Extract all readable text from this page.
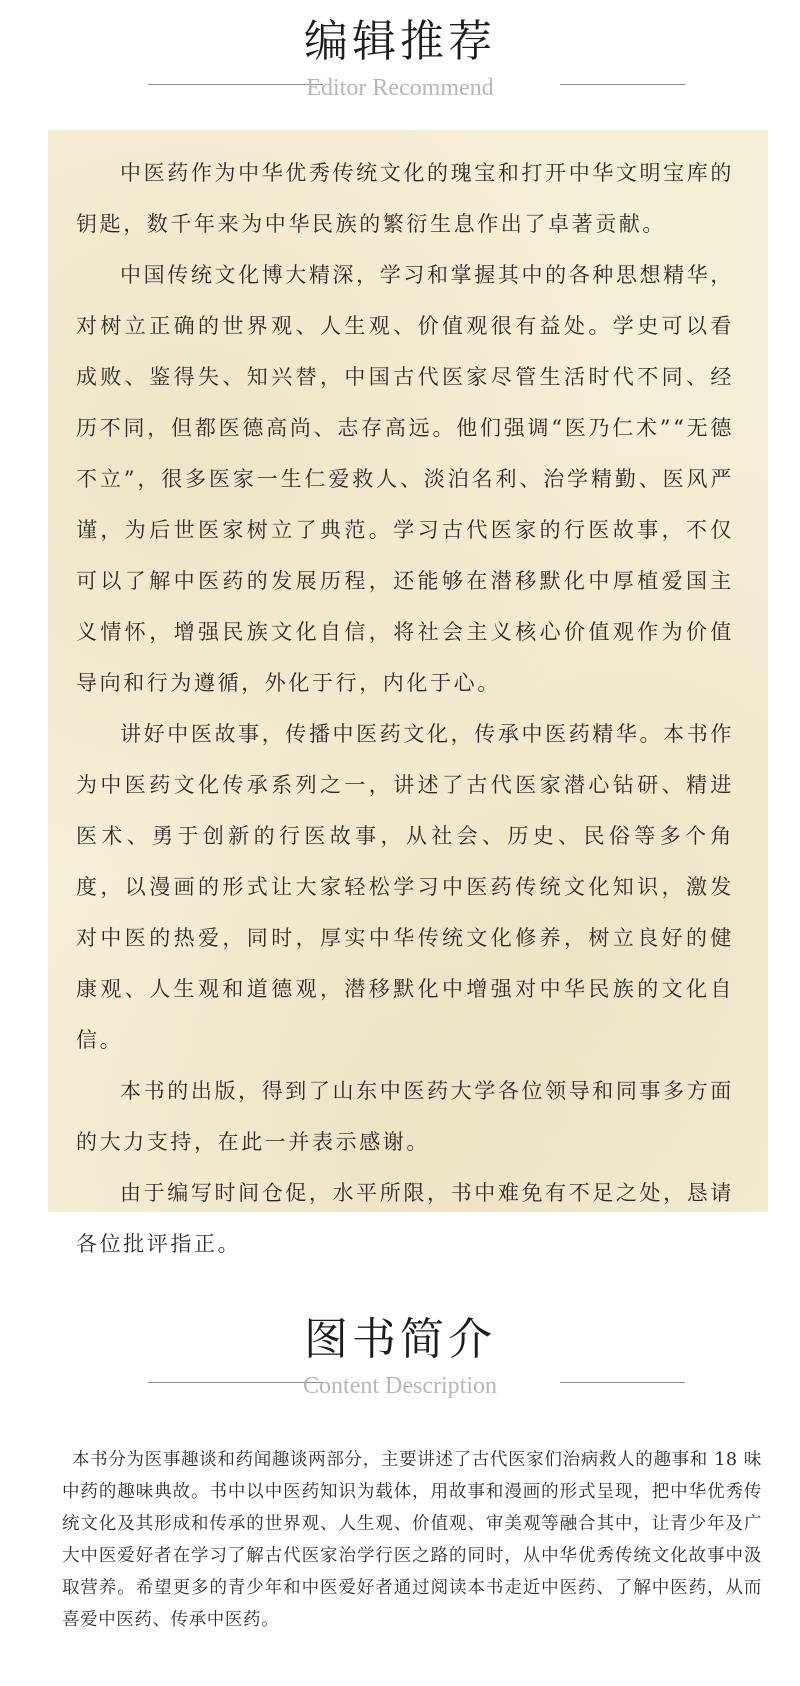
编辑推荐
Editor Recommend

中医药作为中华优秀传统文化的瑰宝和打开中华文明宝库的钥匙，数千年来为中华民族的繁衍生息作出了卓著贡献。

中国传统文化博大精深，学习和掌握其中的各种思想精华，对树立正确的世界观、人生观、价值观很有益处。学史可以看成败、鉴得失、知兴替，中国古代医家尽管生活时代不同、经历不同，但都医德高尚、志存高远。他们强调“医乃仁术”“无德不立”，很多医家一生仁爱救人、淡泊名利、治学精勤、医风严谨，为后世医家树立了典范。学习古代医家的行医故事，不仅可以了解中医药的发展历程，还能够在潜移默化中厚植爱国主义情怀，增强民族文化自信，将社会主义核心价值观作为价值导向和行为遵循，外化于行，内化于心。

讲好中医故事，传播中医药文化，传承中医药精华。本书作为中医药文化传承系列之一，讲述了古代医家潜心钻研、精进医术、勇于创新的行医故事，从社会、历史、民俗等多个角度，以漫画的形式让大家轻松学习中医药传统文化知识，激发对中医的热爱，同时，厚实中华传统文化修养，树立良好的健康观、人生观和道德观，潜移默化中增强对中华民族的文化自信。

本书的出版，得到了山东中医药大学各位领导和同事多方面的大力支持，在此一并表示感谢。

由于编写时间仓促，水平所限，书中难免有不足之处，恳请各位批评指正。

图书简介
Content Description

本书分为医事趣谈和药闻趣谈两部分，主要讲述了古代医家们治病救人的趣事和 18 味中药的趣味典故。书中以中医药知识为载体，用故事和漫画的形式呈现，把中华优秀传统文化及其形成和传承的世界观、人生观、价值观、审美观等融合其中，让青少年及广大中医爱好者在学习了解古代医家治学行医之路的同时，从中华优秀传统文化故事中汲取营养。希望更多的青少年和中医爱好者通过阅读本书走近中医药、了解中医药，从而喜爱中医药、传承中医药。
